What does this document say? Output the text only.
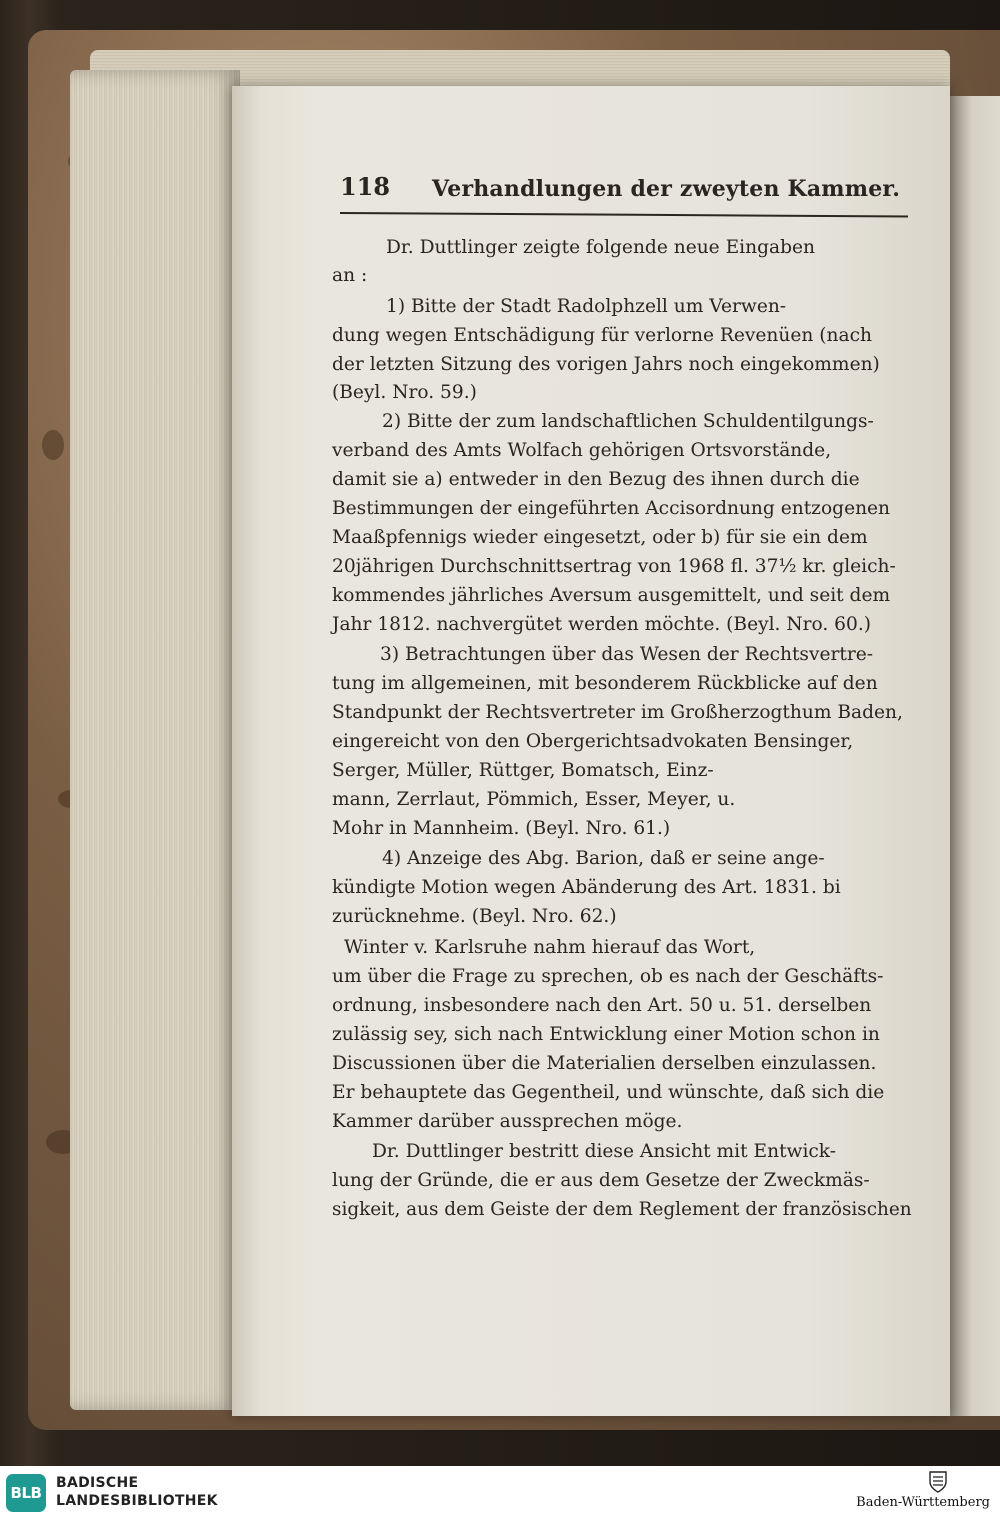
118 Verhandlungen der zweyten Kammer.
Dr. Duttlinger zeigte folgende neue Eingaben
an :
1) Bitte der Stadt Radolphzell um Verwen-
dung wegen Entschädigung für verlorne Revenüen (nach
der letzten Sitzung des vorigen Jahrs noch eingekommen)
(Beyl. Nro. 59.)
2) Bitte der zum landschaftlichen Schuldentilgungs-
verband des Amts Wolfach gehörigen Ortsvorstände,
damit sie a) entweder in den Bezug des ihnen durch die
Bestimmungen der eingeführten Accisordnung entzogenen
Maaßpfennigs wieder eingesetzt, oder b) für sie ein dem
20jährigen Durchschnittsertrag von 1968 fl. 37½ kr. gleich-
kommendes jährliches Aversum ausgemittelt, und seit dem
Jahr 1812. nachvergütet werden möchte. (Beyl. Nro. 60.)
3) Betrachtungen über das Wesen der Rechtsvertre-
tung im allgemeinen, mit besonderem Rückblicke auf den
Standpunkt der Rechtsvertreter im Großherzogthum Baden,
eingereicht von den Obergerichtsadvokaten Bensinger,
Serger, Müller, Rüttger, Bomatsch, Einz-
mann, Zerrlaut, Pömmich, Esser, Meyer, u.
Mohr in Mannheim. (Beyl. Nro. 61.)
4) Anzeige des Abg. Barion, daß er seine ange-
kündigte Motion wegen Abänderung des Art. 1831. bi
zurücknehme. (Beyl. Nro. 62.)
Winter v. Karlsruhe nahm hierauf das Wort,
um über die Frage zu sprechen, ob es nach der Geschäfts-
ordnung, insbesondere nach den Art. 50 u. 51. derselben
zulässig sey, sich nach Entwicklung einer Motion schon in
Discussionen über die Materialien derselben einzulassen.
Er behauptete das Gegentheil, und wünschte, daß sich die
Kammer darüber aussprechen möge.
Dr. Duttlinger bestritt diese Ansicht mit Entwick-
lung der Gründe, die er aus dem Gesetze der Zweckmäs-
sigkeit, aus dem Geiste der dem Reglement der französischen
BLB
BADISCHE
LANDESBIBLIOTHEK	Baden-Württemberg
